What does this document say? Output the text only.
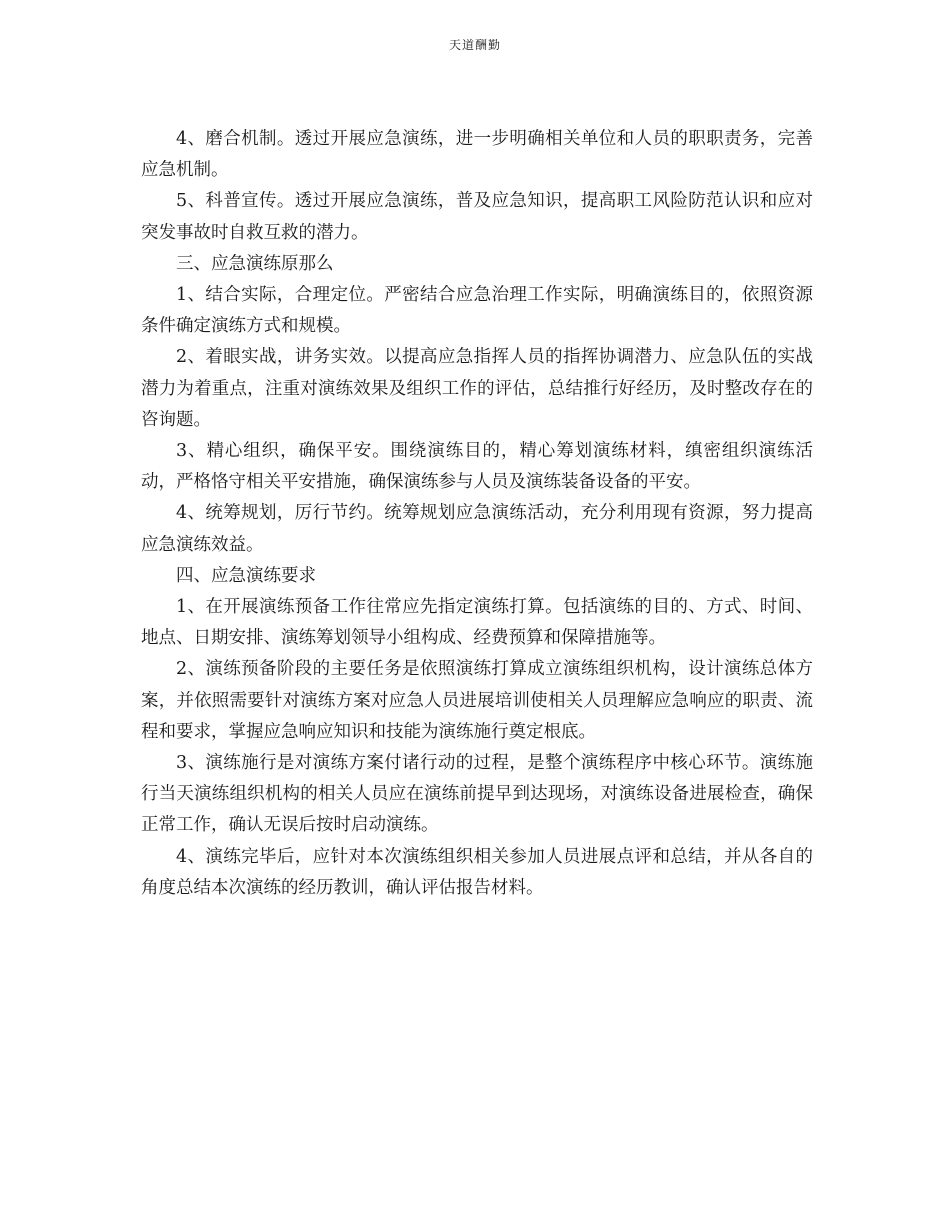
天道酬勤

4、磨合机制。透过开展应急演练，进一步明确相关单位和人员的职职责务，完善应急机制。

5、科普宣传。透过开展应急演练，普及应急知识，提高职工风险防范认识和应对突发事故时自救互救的潜力。

三、应急演练原那么

1、结合实际，合理定位。严密结合应急治理工作实际，明确演练目的，依照资源条件确定演练方式和规模。

2、着眼实战，讲务实效。以提高应急指挥人员的指挥协调潜力、应急队伍的实战潜力为着重点，注重对演练效果及组织工作的评估，总结推行好经历，及时整改存在的咨询题。

3、精心组织，确保平安。围绕演练目的，精心筹划演练材料，缜密组织演练活动，严格恪守相关平安措施，确保演练参与人员及演练装备设备的平安。

4、统筹规划，厉行节约。统筹规划应急演练活动，充分利用现有资源，努力提高应急演练效益。

四、应急演练要求

1、在开展演练预备工作往常应先指定演练打算。包括演练的目的、方式、时间、地点、日期安排、演练筹划领导小组构成、经费预算和保障措施等。

2、演练预备阶段的主要任务是依照演练打算成立演练组织机构，设计演练总体方案，并依照需要针对演练方案对应急人员进展培训使相关人员理解应急响应的职责、流程和要求，掌握应急响应知识和技能为演练施行奠定根底。

3、演练施行是对演练方案付诸行动的过程，是整个演练程序中核心环节。演练施行当天演练组织机构的相关人员应在演练前提早到达现场，对演练设备进展检查，确保正常工作，确认无误后按时启动演练。

4、演练完毕后，应针对本次演练组织相关参加人员进展点评和总结，并从各自的角度总结本次演练的经历教训，确认评估报告材料。
